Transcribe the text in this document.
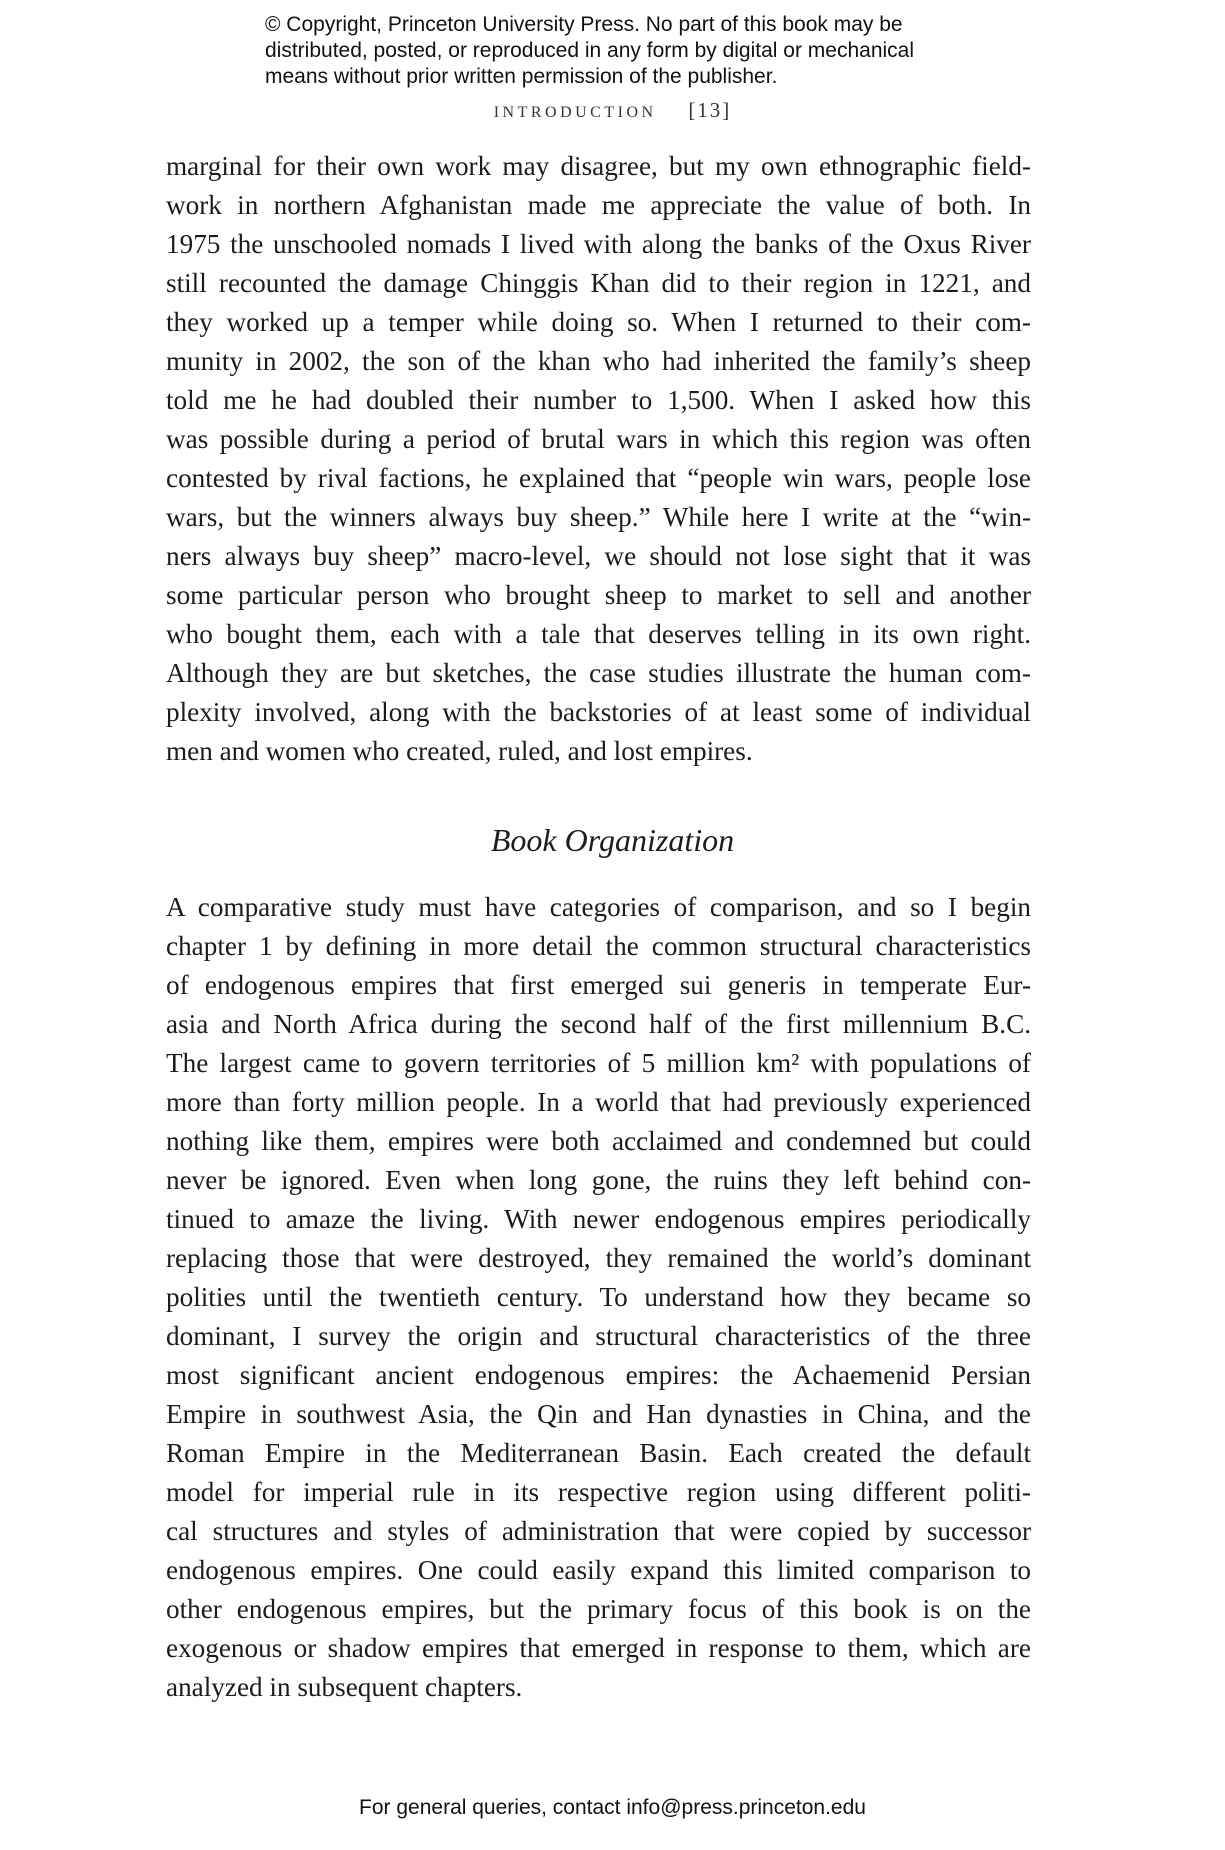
© Copyright, Princeton University Press. No part of this book may be
distributed, posted, or reproduced in any form by digital or mechanical
means without prior written permission of the publisher.
INTRODUCTION [13]
marginal for their own work may disagree, but my own ethnographic field-
work in northern Afghanistan made me appreciate the value of both. In
1975 the unschooled nomads I lived with along the banks of the Oxus River
still recounted the damage Chinggis Khan did to their region in 1221, and
they worked up a temper while doing so. When I returned to their com-
munity in 2002, the son of the khan who had inherited the family’s sheep
told me he had doubled their number to 1,500. When I asked how this
was possible during a period of brutal wars in which this region was often
contested by rival factions, he explained that “people win wars, people lose
wars, but the winners always buy sheep.” While here I write at the “win-
ners always buy sheep” macro-level, we should not lose sight that it was
some particular person who brought sheep to market to sell and another
who bought them, each with a tale that deserves telling in its own right.
Although they are but sketches, the case studies illustrate the human com-
plexity involved, along with the backstories of at least some of individual
men and women who created, ruled, and lost empires.
Book Organization
A comparative study must have categories of comparison, and so I begin
chapter 1 by defining in more detail the common structural characteristics
of endogenous empires that first emerged sui generis in temperate Eur-
asia and North Africa during the second half of the first millennium B.C.
The largest came to govern territories of 5 million km² with populations of
more than forty million people. In a world that had previously experienced
nothing like them, empires were both acclaimed and condemned but could
never be ignored. Even when long gone, the ruins they left behind con-
tinued to amaze the living. With newer endogenous empires periodically
replacing those that were destroyed, they remained the world’s dominant
polities until the twentieth century. To understand how they became so
dominant, I survey the origin and structural characteristics of the three
most significant ancient endogenous empires: the Achaemenid Persian
Empire in southwest Asia, the Qin and Han dynasties in China, and the
Roman Empire in the Mediterranean Basin. Each created the default
model for imperial rule in its respective region using different politi-
cal structures and styles of administration that were copied by successor
endogenous empires. One could easily expand this limited comparison to
other endogenous empires, but the primary focus of this book is on the
exogenous or shadow empires that emerged in response to them, which are
analyzed in subsequent chapters.
For general queries, contact info@press.princeton.edu
